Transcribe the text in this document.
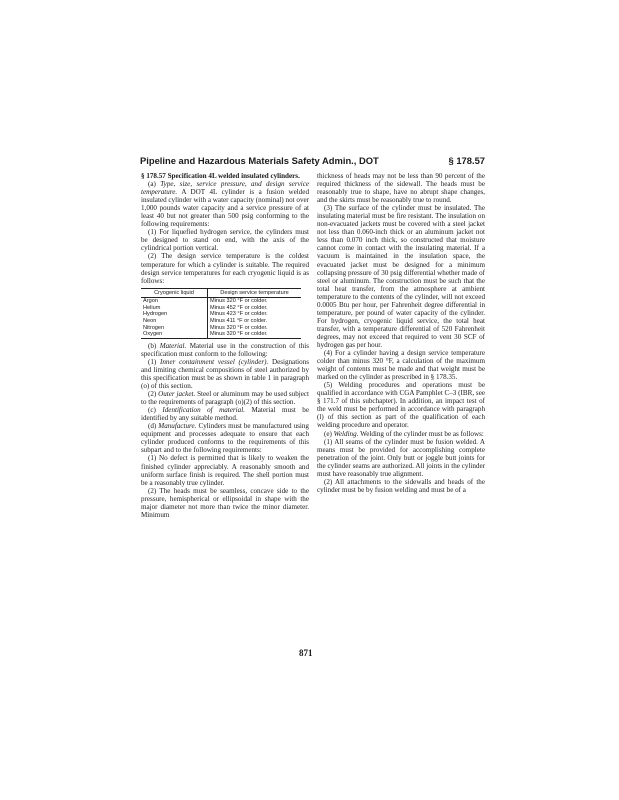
Pipeline and Hazardous Materials Safety Admin., DOT	§ 178.57

§ 178.57 Specification 4L welded insulated cylinders.

(a) Type, size, service pressure, and design service temperature. A DOT 4L cylinder is a fusion welded insulated cylinder with a water capacity (nominal) not over 1,000 pounds water capacity and a service pressure of at least 40 but not greater than 500 psig conforming to the following requirements:

(1) For liquefied hydrogen service, the cylinders must be designed to stand on end, with the axis of the cylindrical portion vertical.

(2) The design service temperature is the coldest temperature for which a cylinder is suitable. The required design service temperatures for each cryogenic liquid is as follows:

Cryogenic liquid	Design service temperature
Argon	Minus 320 °F or colder.
Helium	Minus 452 °F or colder.
Hydrogen	Minus 423 °F or colder.
Neon	Minus 411 °F or colder.
Nitrogen	Minus 320 °F or colder.
Oxygen	Minus 320 °F or colder.

(b) Material. Material use in the construction of this specification must conform to the following:

(1) Inner containment vessel (cylinder). Designations and limiting chemical compositions of steel authorized by this specification must be as shown in table 1 in paragraph (o) of this section.

(2) Outer jacket. Steel or aluminum may be used subject to the requirements of paragraph (o)(2) of this section.

(c) Identification of material. Material must be identified by any suitable method.

(d) Manufacture. Cylinders must be manufactured using equipment and processes adequate to ensure that each cylinder produced conforms to the requirements of this subpart and to the following requirements:

(1) No defect is permitted that is likely to weaken the finished cylinder appreciably. A reasonably smooth and uniform surface finish is required. The shell portion must be a reasonably true cylinder.

(2) The heads must be seamless, concave side to the pressure, hemispherical or ellipsoidal in shape with the major diameter not more than twice the minor diameter. Minimum

thickness of heads may not be less than 90 percent of the required thickness of the sidewall. The heads must be reasonably true to shape, have no abrupt shape changes, and the skirts must be reasonably true to round.

(3) The surface of the cylinder must be insulated. The insulating material must be fire resistant. The insulation on non-evacuated jackets must be covered with a steel jacket not less than 0.060-inch thick or an aluminum jacket not less than 0.070 inch thick, so constructed that moisture cannot come in contact with the insulating material. If a vacuum is maintained in the insulation space, the evacuated jacket must be designed for a minimum collapsing pressure of 30 psig differential whether made of steel or aluminum. The construction must be such that the total heat transfer, from the atmosphere at ambient temperature to the contents of the cylinder, will not exceed 0.0005 Btu per hour, per Fahrenheit degree differential in temperature, per pound of water capacity of the cylinder. For hydrogen, cryogenic liquid service, the total heat transfer, with a temperature differential of 520 Fahrenheit degrees, may not exceed that required to vent 30 SCF of hydrogen gas per hour.

(4) For a cylinder having a design service temperature colder than minus 320 °F, a calculation of the maximum weight of contents must be made and that weight must be marked on the cylinder as prescribed in § 178.35.

(5) Welding procedures and operations must be qualified in accordance with CGA Pamphlet C–3 (IBR, see § 171.7 of this subchapter). In addition, an impact test of the weld must be performed in accordance with paragraph (l) of this section as part of the qualification of each welding procedure and operator.

(e) Welding. Welding of the cylinder must be as follows:

(1) All seams of the cylinder must be fusion welded. A means must be provided for accomplishing complete penetration of the joint. Only butt or joggle butt joints for the cylinder seams are authorized. All joints in the cylinder must have reasonably true alignment.

(2) All attachments to the sidewalls and heads of the cylinder must be by fusion welding and must be of a

871
